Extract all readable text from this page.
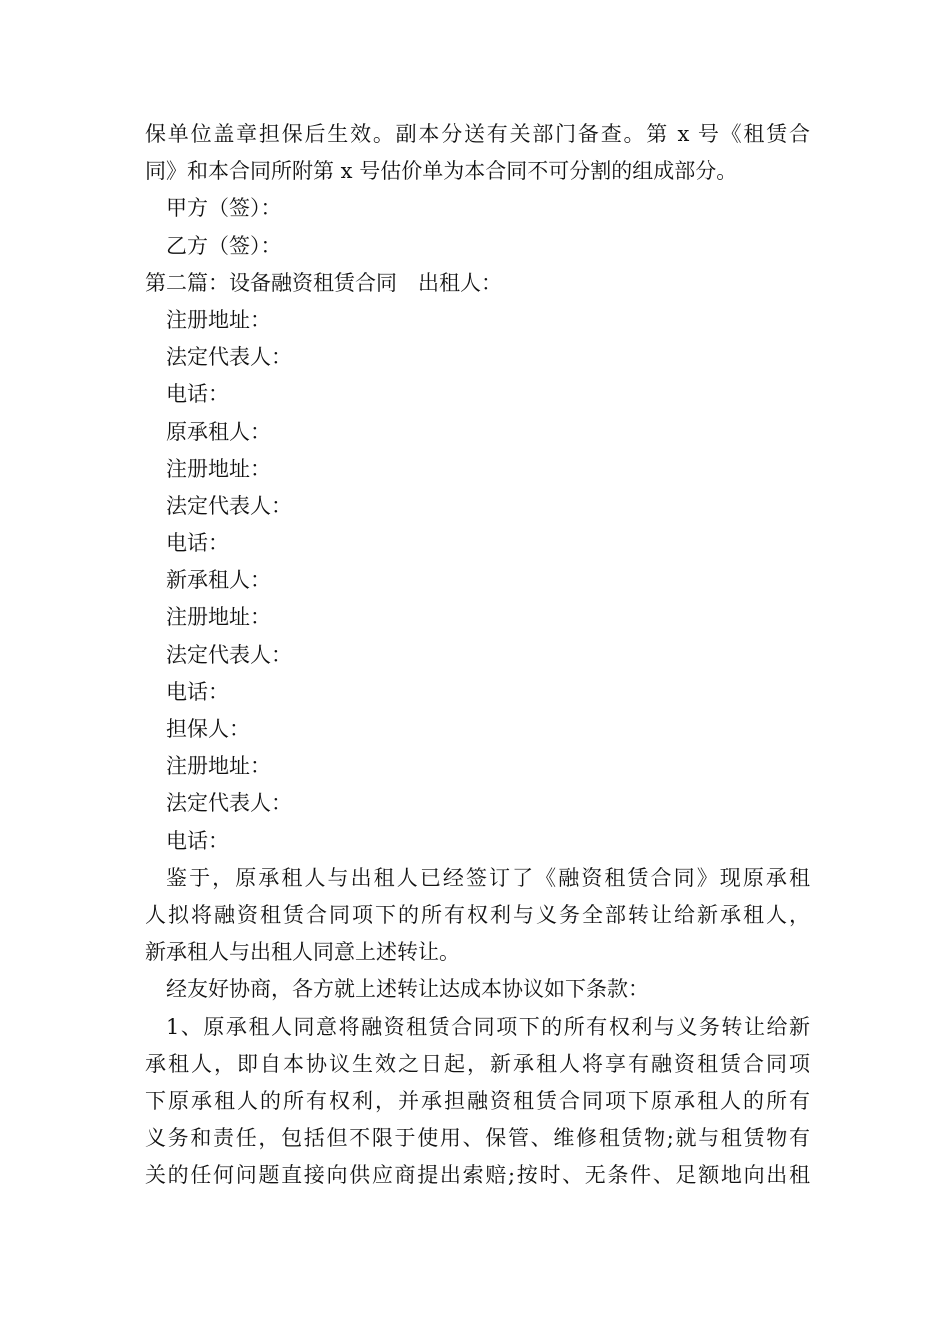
保单位盖章担保后生效。副本分送有关部门备查。第 x 号《租赁合
同》和本合同所附第 x 号估价单为本合同不可分割的组成部分。
甲方（签）：
乙方（签）：
第二篇：设备融资租赁合同　出租人：
注册地址：
法定代表人：
电话：
原承租人：
注册地址：
法定代表人：
电话：
新承租人：
注册地址：
法定代表人：
电话：
担保人：
注册地址：
法定代表人：
电话：
鉴于，原承租人与出租人已经签订了《融资租赁合同》现原承租
人拟将融资租赁合同项下的所有权利与义务全部转让给新承租人，
新承租人与出租人同意上述转让。
经友好协商，各方就上述转让达成本协议如下条款：
1、原承租人同意将融资租赁合同项下的所有权利与义务转让给新
承租人，即自本协议生效之日起，新承租人将享有融资租赁合同项
下原承租人的所有权利，并承担融资租赁合同项下原承租人的所有
义务和责任，包括但不限于使用、保管、维修租赁物;就与租赁物有
关的任何问题直接向供应商提出索赔;按时、无条件、足额地向出租
